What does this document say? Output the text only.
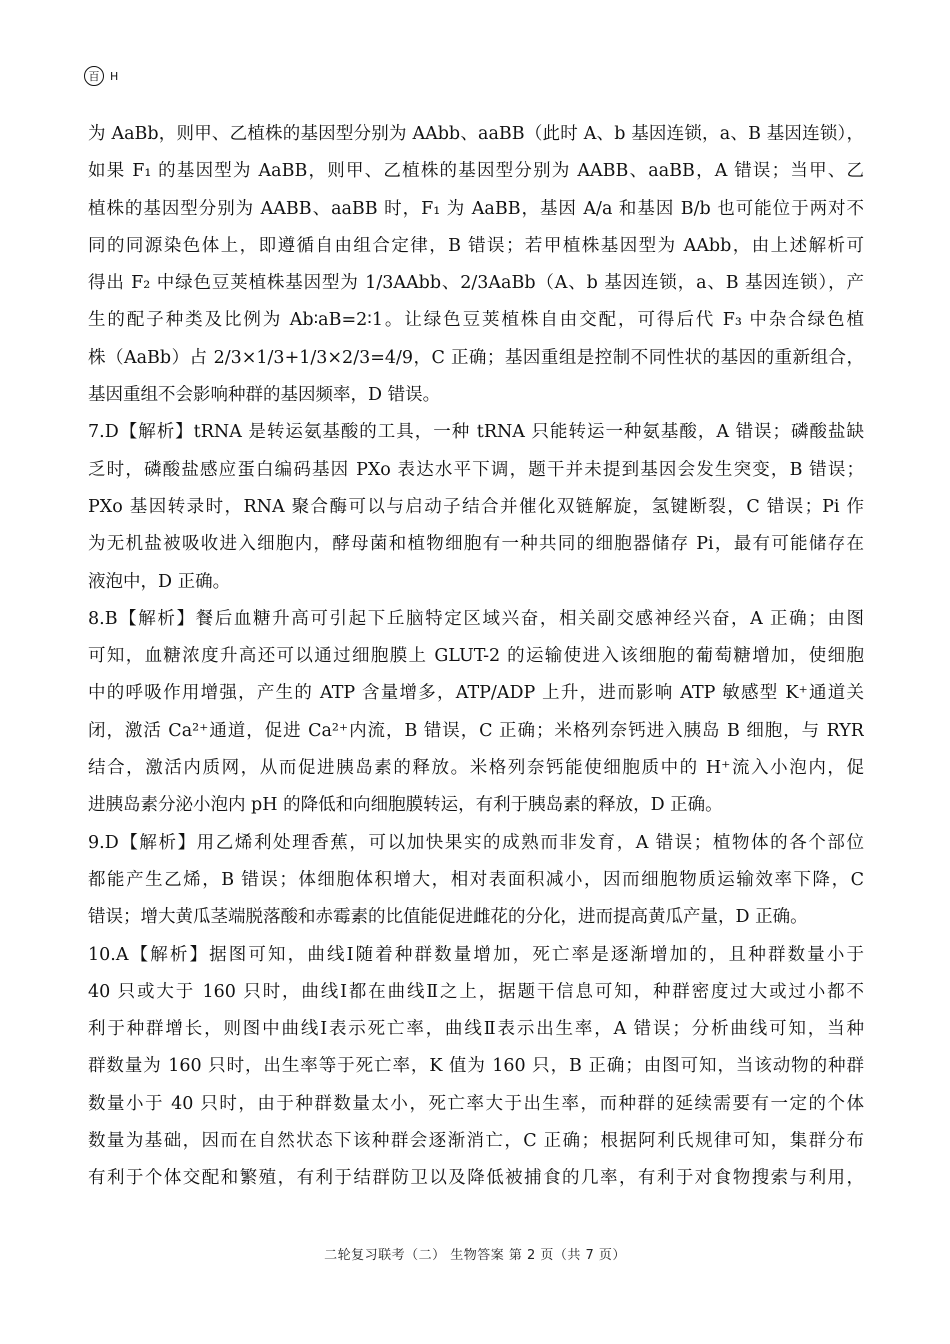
百 H
为 AaBb，则甲、乙植株的基因型分别为 AAbb、aaBB（此时 A、b 基因连锁，a、B 基因连锁），
如果 F₁ 的基因型为 AaBB，则甲、乙植株的基因型分别为 AABB、aaBB，A 错误；当甲、乙
植株的基因型分别为 AABB、aaBB 时，F₁ 为 AaBB，基因 A/a 和基因 B/b 也可能位于两对不
同的同源染色体上，即遵循自由组合定律，B 错误；若甲植株基因型为 AAbb，由上述解析可
得出 F₂ 中绿色豆荚植株基因型为 1/3AAbb、2/3AaBb（A、b 基因连锁，a、B 基因连锁），产
生的配子种类及比例为 Ab∶aB=2∶1。让绿色豆荚植株自由交配，可得后代 F₃ 中杂合绿色植
株（AaBb）占 2/3×1/3+1/3×2/3=4/9，C 正确；基因重组是控制不同性状的基因的重新组合，
基因重组不会影响种群的基因频率，D 错误。
7.D【解析】tRNA 是转运氨基酸的工具，一种 tRNA 只能转运一种氨基酸，A 错误；磷酸盐缺
乏时，磷酸盐感应蛋白编码基因 PXo 表达水平下调，题干并未提到基因会发生突变，B 错误；
PXo 基因转录时，RNA 聚合酶可以与启动子结合并催化双链解旋，氢键断裂，C 错误；Pi 作
为无机盐被吸收进入细胞内，酵母菌和植物细胞有一种共同的细胞器储存 Pi，最有可能储存在
液泡中，D 正确。
8.B【解析】餐后血糖升高可引起下丘脑特定区域兴奋，相关副交感神经兴奋，A 正确；由图
可知，血糖浓度升高还可以通过细胞膜上 GLUT-2 的运输使进入该细胞的葡萄糖增加，使细胞
中的呼吸作用增强，产生的 ATP 含量增多，ATP/ADP 上升，进而影响 ATP 敏感型 K⁺通道关
闭，激活 Ca²⁺通道，促进 Ca²⁺内流，B 错误，C 正确；米格列奈钙进入胰岛 B 细胞，与 RYR
结合，激活内质网，从而促进胰岛素的释放。米格列奈钙能使细胞质中的 H⁺流入小泡内，促
进胰岛素分泌小泡内 pH 的降低和向细胞膜转运，有利于胰岛素的释放，D 正确。
9.D【解析】用乙烯利处理香蕉，可以加快果实的成熟而非发育，A 错误；植物体的各个部位
都能产生乙烯，B 错误；体细胞体积增大，相对表面积减小，因而细胞物质运输效率下降，C
错误；增大黄瓜茎端脱落酸和赤霉素的比值能促进雌花的分化，进而提高黄瓜产量，D 正确。
10.A【解析】据图可知，曲线Ⅰ随着种群数量增加，死亡率是逐渐增加的，且种群数量小于
40 只或大于 160 只时，曲线Ⅰ都在曲线Ⅱ之上，据题干信息可知，种群密度过大或过小都不
利于种群增长，则图中曲线Ⅰ表示死亡率，曲线Ⅱ表示出生率，A 错误；分析曲线可知，当种
群数量为 160 只时，出生率等于死亡率，K 值为 160 只，B 正确；由图可知，当该动物的种群
数量小于 40 只时，由于种群数量太小，死亡率大于出生率，而种群的延续需要有一定的个体
数量为基础，因而在自然状态下该种群会逐渐消亡，C 正确；根据阿利氏规律可知，集群分布
有利于个体交配和繁殖，有利于结群防卫以及降低被捕食的几率，有利于对食物搜索与利用，
二轮复习联考（二） 生物答案 第 2 页（共 7 页）
